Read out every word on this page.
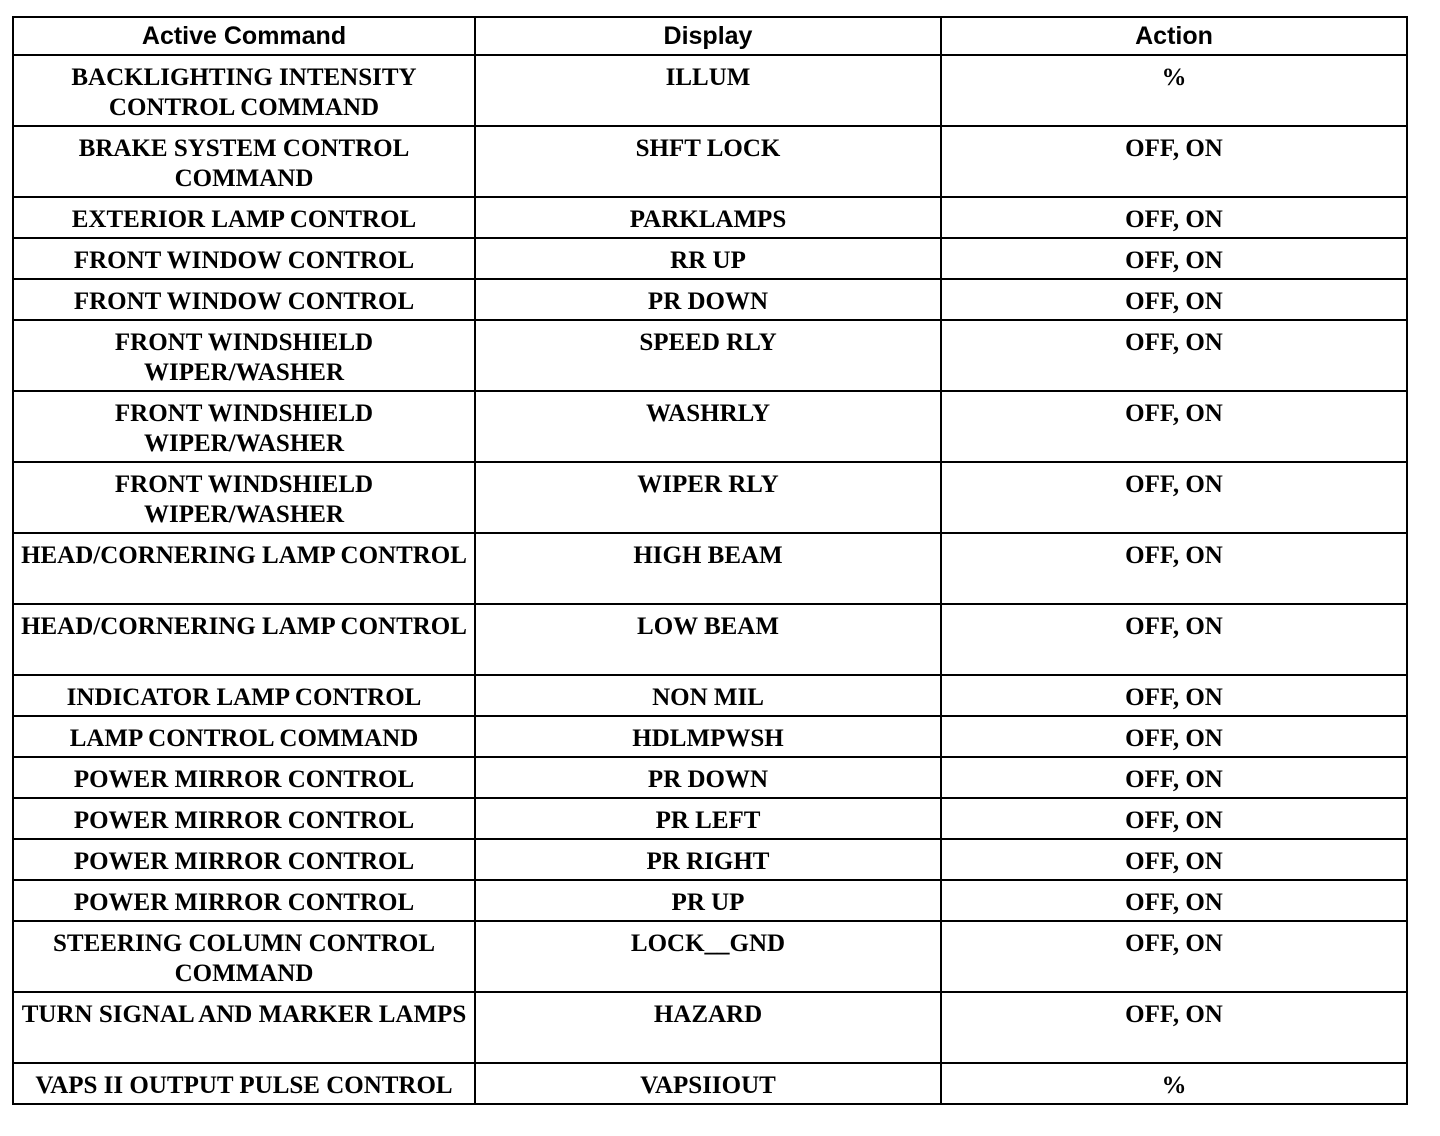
Active Command	Display	Action
BACKLIGHTING INTENSITY CONTROL COMMAND	ILLUM	%
BRAKE SYSTEM CONTROL COMMAND	SHFT LOCK	OFF, ON
EXTERIOR LAMP CONTROL	PARKLAMPS	OFF, ON
FRONT WINDOW CONTROL	RR UP	OFF, ON
FRONT WINDOW CONTROL	PR DOWN	OFF, ON
FRONT WINDSHIELD WIPER/WASHER	SPEED RLY	OFF, ON
FRONT WINDSHIELD WIPER/WASHER	WASHRLY	OFF, ON
FRONT WINDSHIELD WIPER/WASHER	WIPER RLY	OFF, ON
HEAD/CORNERING LAMP CONTROL	HIGH BEAM	OFF, ON
HEAD/CORNERING LAMP CONTROL	LOW BEAM	OFF, ON
INDICATOR LAMP CONTROL	NON MIL	OFF, ON
LAMP CONTROL COMMAND	HDLMPWSH	OFF, ON
POWER MIRROR CONTROL	PR DOWN	OFF, ON
POWER MIRROR CONTROL	PR LEFT	OFF, ON
POWER MIRROR CONTROL	PR RIGHT	OFF, ON
POWER MIRROR CONTROL	PR UP	OFF, ON
STEERING COLUMN CONTROL COMMAND	LOCK__GND	OFF, ON
TURN SIGNAL AND MARKER LAMPS	HAZARD	OFF, ON
VAPS II OUTPUT PULSE CONTROL	VAPSIIOUT	%
